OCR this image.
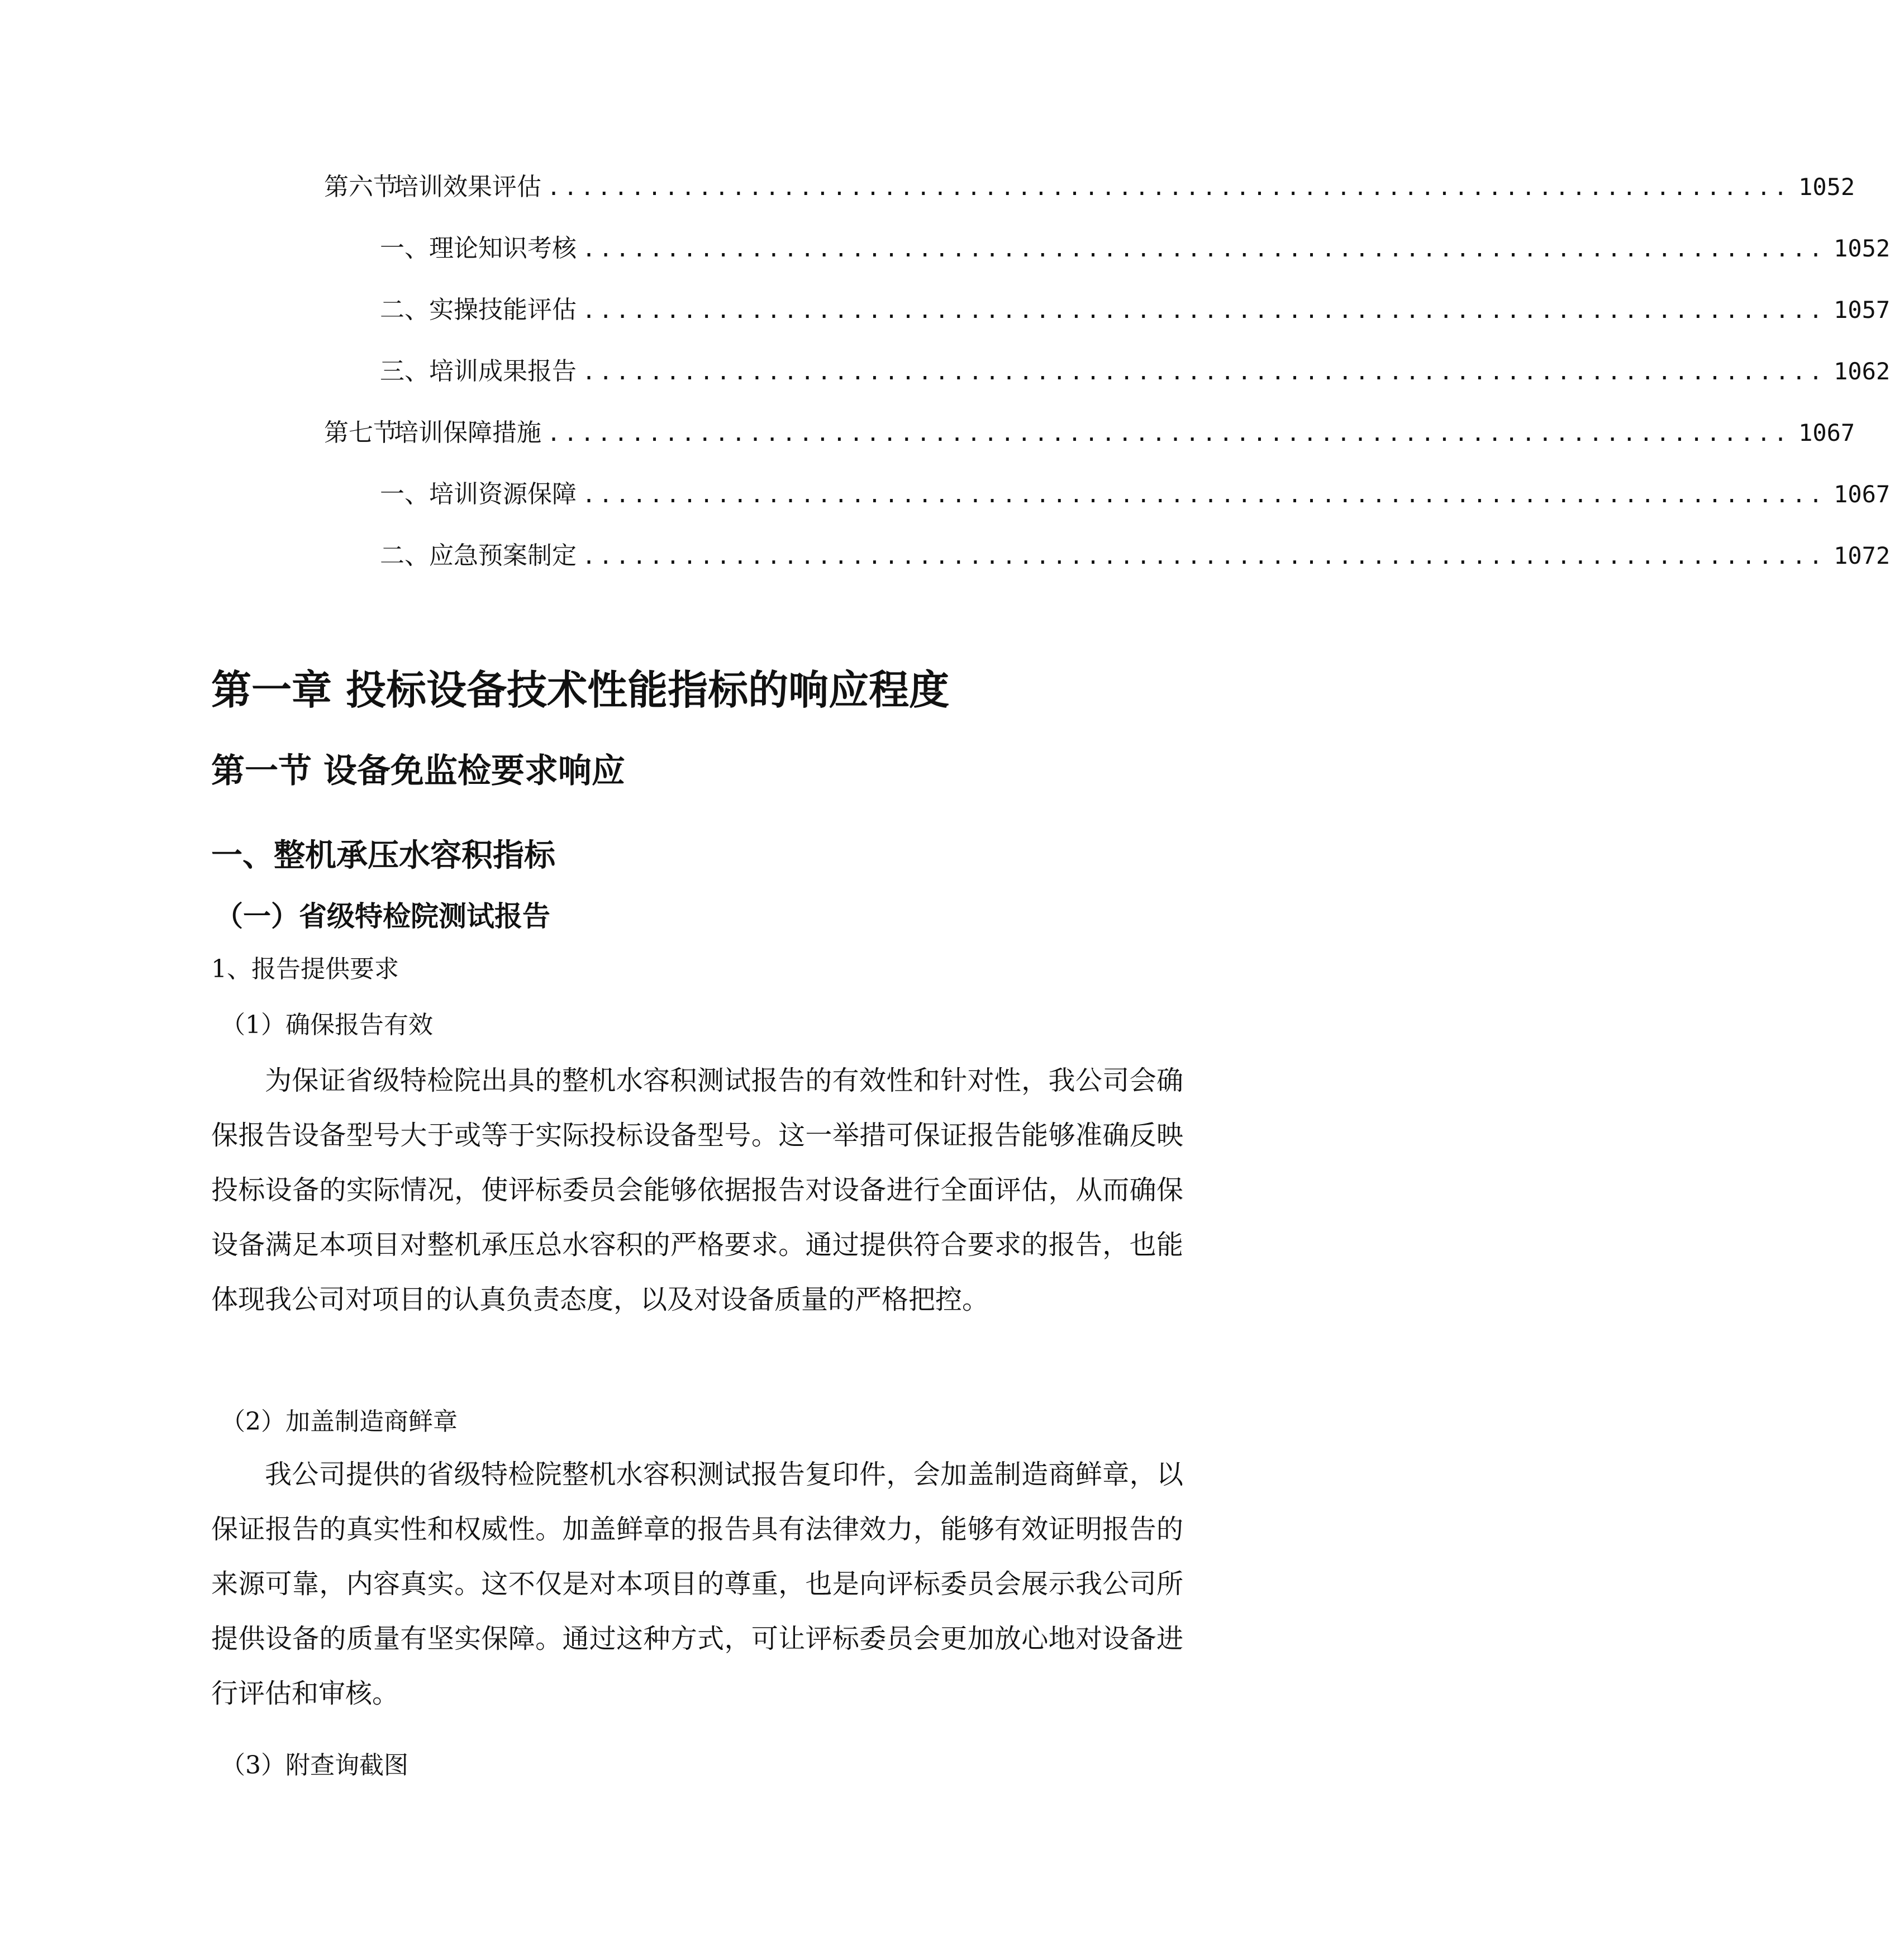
第六节
培训效果评估 .......................................................................... 1052
一、 理论知识考核 .......................................................................... 1052
二、 实操技能评估 .......................................................................... 1057
三、 培训成果报告 .......................................................................... 1062
第七节
培训保障措施 .......................................................................... 1067
一、 培训资源保障 .......................................................................... 1067
二、 应急预案制定 .......................................................................... 1072
第一章 投标设备技术性能指标的响应程度
第一节 设备免监检要求响应
一、整机承压水容积指标
（一）省级特检院测试报告
1、报告提供要求
（1）确保报告有效

为保证省级特检院出具的整机水容积测试报告的有效性和针对性，我公司会确保报告设备型号大于或等于实际投标设备型号。这一举措可保证报告能够准确反映投标设备的实际情况，使评标委员会能够依据报告对设备进行全面评估，从而确保设备满足本项目对整机承压总水容积的严格要求。通过提供符合要求的报告，也能体现我公司对项目的认真负责态度，以及对设备质量的严格把控。

（2）加盖制造商鲜章

我公司提供的省级特检院整机水容积测试报告复印件，会加盖制造商鲜章，以保证报告的真实性和权威性。加盖鲜章的报告具有法律效力，能够有效证明报告的来源可靠，内容真实。这不仅是对本项目的尊重，也是向评标委员会展示我公司所提供设备的质量有坚实保障。通过这种方式，可让评标委员会更加放心地对设备进行评估和审核。

（3）附查询截图
